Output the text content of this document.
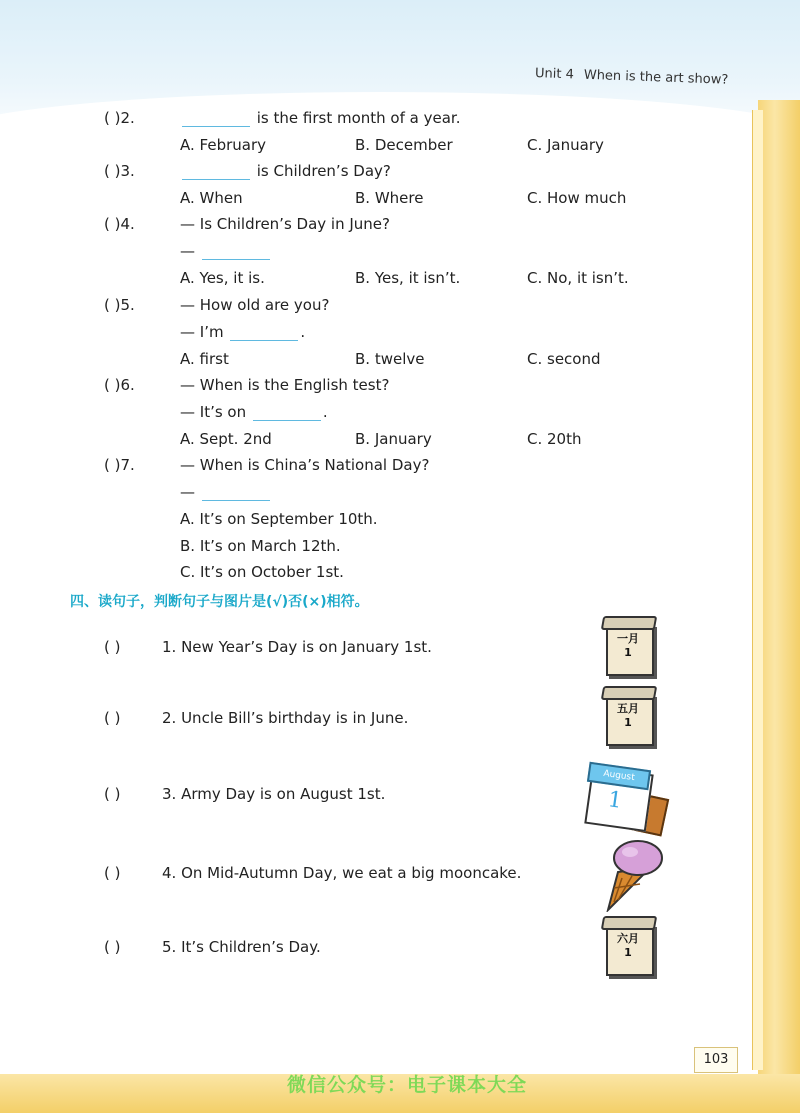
Unit 4 When is the art show?
( )2.	is the first month of a year.
A. February	B. December	C. January
( )3.	is Children’s Day?
A. When	B. Where	C. How much
( )4.	— Is Children’s Day in June?
—
A. Yes, it is.	B. Yes, it isn’t.	C. No, it isn’t.
( )5.	— How old are you?
— I’m	.
A. first	B. twelve	C. second
( )6.	— When is the English test?
— It’s on	.
A. Sept. 2nd	B. January	C. 20th
( )7.	— When is China’s National Day?
—
A. It’s on September 10th.
B. It’s on March 12th.
C. It’s on October 1st.
四、读句子，判断句子与图片是(√)否(×)相符。
( )	1. New Year’s Day is on January 1st.	一月
1
( )	2. Uncle Bill’s birthday is in June.
五月
1
( )	3. Army Day is on August 1st.
August
1
( )	4. On Mid-Autumn Day, we eat a big mooncake.
( )	5. It’s Children’s Day.	六月
1
103
微信公众号：电子课本大全
